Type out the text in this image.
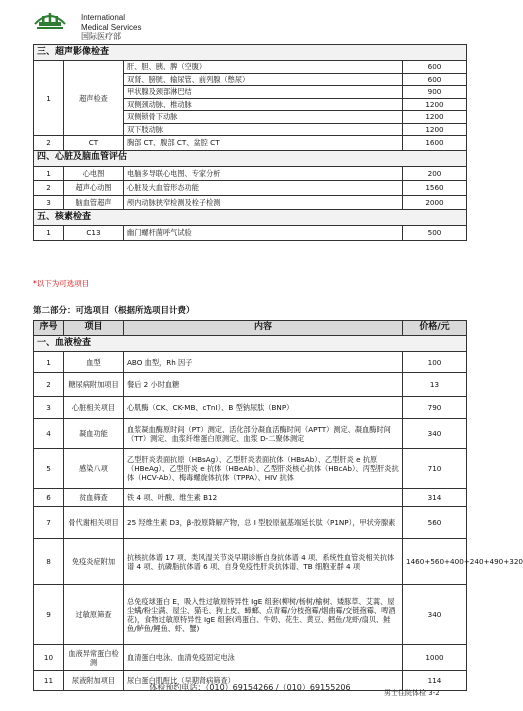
International
Medical Services
国际医疗部
三、超声影像检查			
1	超声检查	肝、胆、胰、脾（空腹）	600
		双肾、膀胱、输尿管、前列腺（憋尿）	600
		甲状腺及颈部淋巴结	900
		双侧颈动脉、椎动脉	1200
		双侧锁骨下动脉	1200
		双下肢动脉	1200
2	CT	胸部 CT、腹部 CT、盆腔 CT	1600
四、心脏及脑血管评估			
1	心电图	电脑多导联心电图、专家分析	200
2	超声心动图	心脏及大血管形态功能	1560
3	脑血管超声	颅内动脉狭窄检测及栓子检测	2000
五、核素检查			
1	C13	幽门螺杆菌呼气试验	500
*以下为可选项目
第二部分：可选项目（根据所选项目计费）
序号	项目	内容	价格/元
一、血液检查			
1	血型	ABO 血型，Rh 因子	100
2	糖尿病附加项目	餐后 2 小时血糖	13
3	心脏相关项目	心肌酶（CK、CK-MB、cTnI）、B 型钠尿肽（BNP）	790
4	凝血功能	血浆凝血酶原时间（PT）测定、活化部分凝血活酶时间（APTT）测定、凝血酶时间（TT）测定、血浆纤维蛋白原测定、血浆 D-二聚体测定	340
5	感染八项	乙型肝炎表面抗原（HBsAg）、乙型肝炎表面抗体（HBsAb）、乙型肝炎 e 抗原（HBeAg）、乙型肝炎 e 抗体（HBeAb）、乙型肝炎核心抗体（HBcAb）、丙型肝炎抗体（HCV-Ab）、梅毒螺旋体抗体（TPPA）、HIV 抗体	710
6	贫血筛查	铁 4 项、叶酸、维生素 B12	314
7	骨代谢相关项目	25 羟维生素 D3，β-胶原降解产物，总 I 型胶原氨基端延长肽（P1NP），甲状旁腺素	560
8	免疫炎症附加	抗核抗体谱 17 项、类风湿关节炎早期诊断自身抗体谱 4 项、系统性血管炎相关抗体谱 4 项、抗磷脂抗体谱 6 项、自身免疫性肝炎抗体谱、TB 细胞亚群 4 项	1460+560+400+240+490+320
9	过敏原筛查	总免疫球蛋白 E，吸入性过敏原特异性 IgE 组套(柳树/杨树/榆树、矮豚草、艾蒿、屋尘螨/粉尘满、屋尘、猫毛、狗上皮、蟑螂、点青霉/分枝孢霉/烟曲霉/交链孢霉、啤酒花)，食物过敏原特异性 IgE 组套(鸡蛋白、牛奶、花生、黄豆、鳕鱼/龙虾/扇贝、鲑鱼/鲈鱼/鲤鱼、虾、蟹)	340
10	血液异常蛋白检测	血清蛋白电泳、血清免疫固定电泳	1000
11	尿液附加项目	尿白蛋白肌酐比（早期肾病筛查）	114
体检预约电话：（010）69154266 /（010）69155206
男士住院体检 3-2
